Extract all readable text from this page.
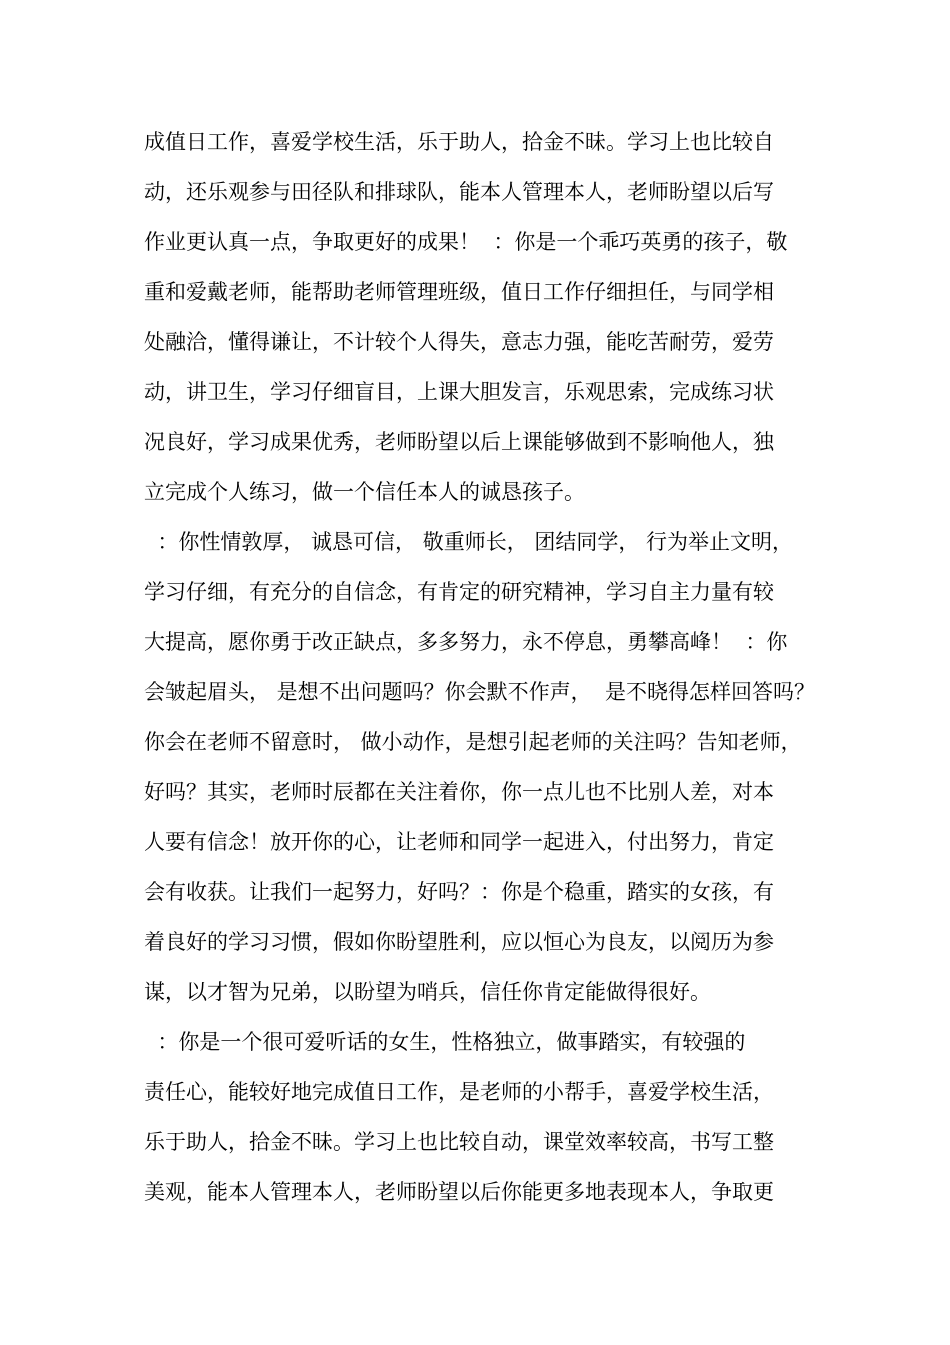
成值日工作，喜爱学校生活，乐于助人，拾金不昧。学习上也比较自
动，还乐观参与田径队和排球队，能本人管理本人，老师盼望以后写
作业更认真一点，争取更好的成果！  ：你是一个乖巧英勇的孩子，敬
重和爱戴老师，能帮助老师管理班级，值日工作仔细担任，与同学相
处融洽，懂得谦让，不计较个人得失，意志力强，能吃苦耐劳，爱劳
动，讲卫生，学习仔细盲目，上课大胆发言，乐观思索，完成练习状
况良好，学习成果优秀，老师盼望以后上课能够做到不影响他人，独
立完成个人练习，做一个信任本人的诚恳孩子。
：你性情敦厚， 诚恳可信， 敬重师长， 团结同学， 行为举止文明，
学习仔细，有充分的自信念，有肯定的研究精神，学习自主力量有较
大提高，愿你勇于改正缺点，多多努力，永不停息，勇攀高峰！  ：你
会皱起眉头， 是想不出问题吗？你会默不作声，  是不晓得怎样回答吗？
你会在老师不留意时， 做小动作，是想引起老师的关注吗？告知老师，
好吗？其实，老师时辰都在关注着你，你一点儿也不比别人差，对本
人要有信念！放开你的心，让老师和同学一起进入，付出努力，肯定
会有收获。让我们一起努力，好吗？：你是个稳重，踏实的女孩，有
着良好的学习习惯，假如你盼望胜利，应以恒心为良友，以阅历为参
谋，以才智为兄弟，以盼望为哨兵，信任你肯定能做得很好。
：你是一个很可爱听话的女生，性格独立，做事踏实，有较强的
责任心，能较好地完成值日工作，是老师的小帮手，喜爱学校生活，
乐于助人，拾金不昧。学习上也比较自动，课堂效率较高，书写工整
美观，能本人管理本人，老师盼望以后你能更多地表现本人，争取更
